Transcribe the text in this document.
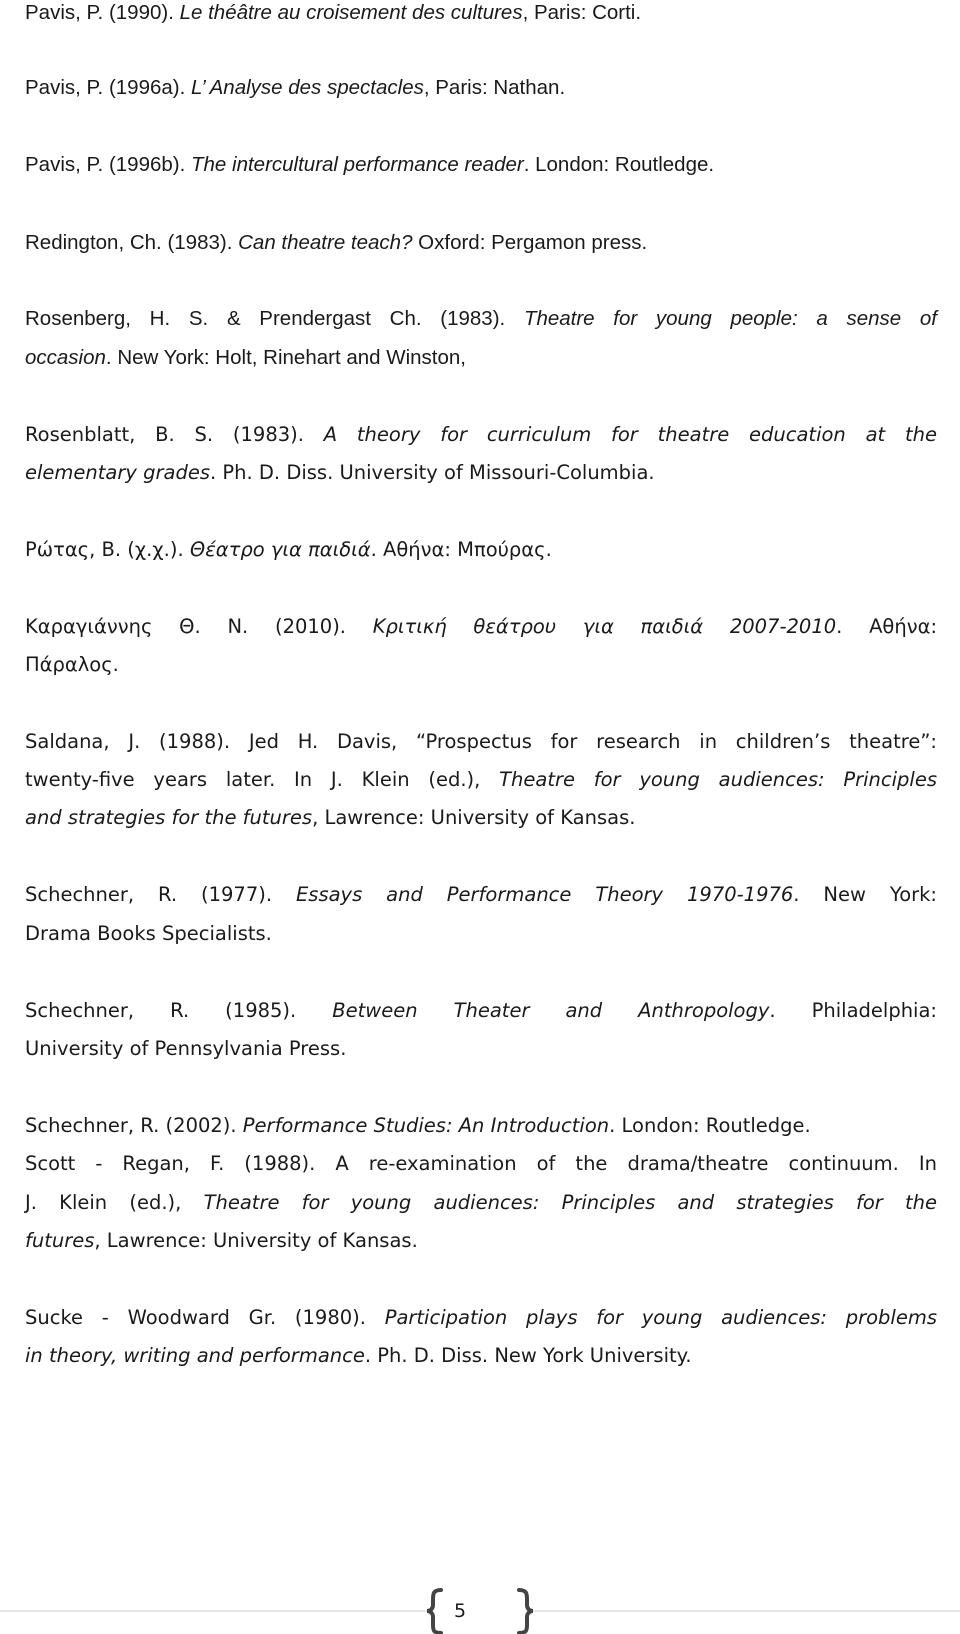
Pavis, P. (1990). Le théâtre au croisement des cultures, Paris: Corti.
Pavis, P. (1996a). L’ Analyse des spectacles, Paris: Nathan.
Pavis, P. (1996b). The intercultural performance reader. London: Routledge.
Redington, Ch. (1983). Can theatre teach? Oxford: Pergamon press.
Rosenberg, H. S. & Prendergast Ch. (1983). Theatre for young people: a sense of
occasion. New York: Holt, Rinehart and Winston,
Rosenblatt, B. S. (1983). A theory for curriculum for theatre education at the
elementary grades. Ph. D. Diss. University of Missouri-Columbia.
Ρώτας, Β. (χ.χ.). Θέατρο για παιδιά. Αθήνα: Μπούρας.
Καραγιάννης Θ. Ν. (2010). Κριτική θεάτρου για παιδιά 2007-2010. Αθήνα:
Πάραλος.
Saldana, J. (1988). Jed H. Davis, “Prospectus for research in children’s theatre”:
twenty-five years later. In J. Klein (ed.), Theatre for young audiences: Principles
and strategies for the futures, Lawrence: University of Kansas.
Schechner, R. (1977). Essays and Performance Theory 1970-1976. New York:
Drama Books Specialists.
Schechner, R. (1985). Between Theater and Anthropology. Philadelphia:
University of Pennsylvania Press.
Schechner, R. (2002). Performance Studies: An Introduction. London: Routledge.
Scott - Regan, F. (1988). A re-examination of the drama/theatre continuum. In
J. Klein (ed.), Theatre for young audiences: Principles and strategies for the
futures, Lawrence: University of Kansas.
Sucke - Woodward Gr. (1980). Participation plays for young audiences: problems
in theory, writing and performance. Ph. D. Diss. New York University.
5
